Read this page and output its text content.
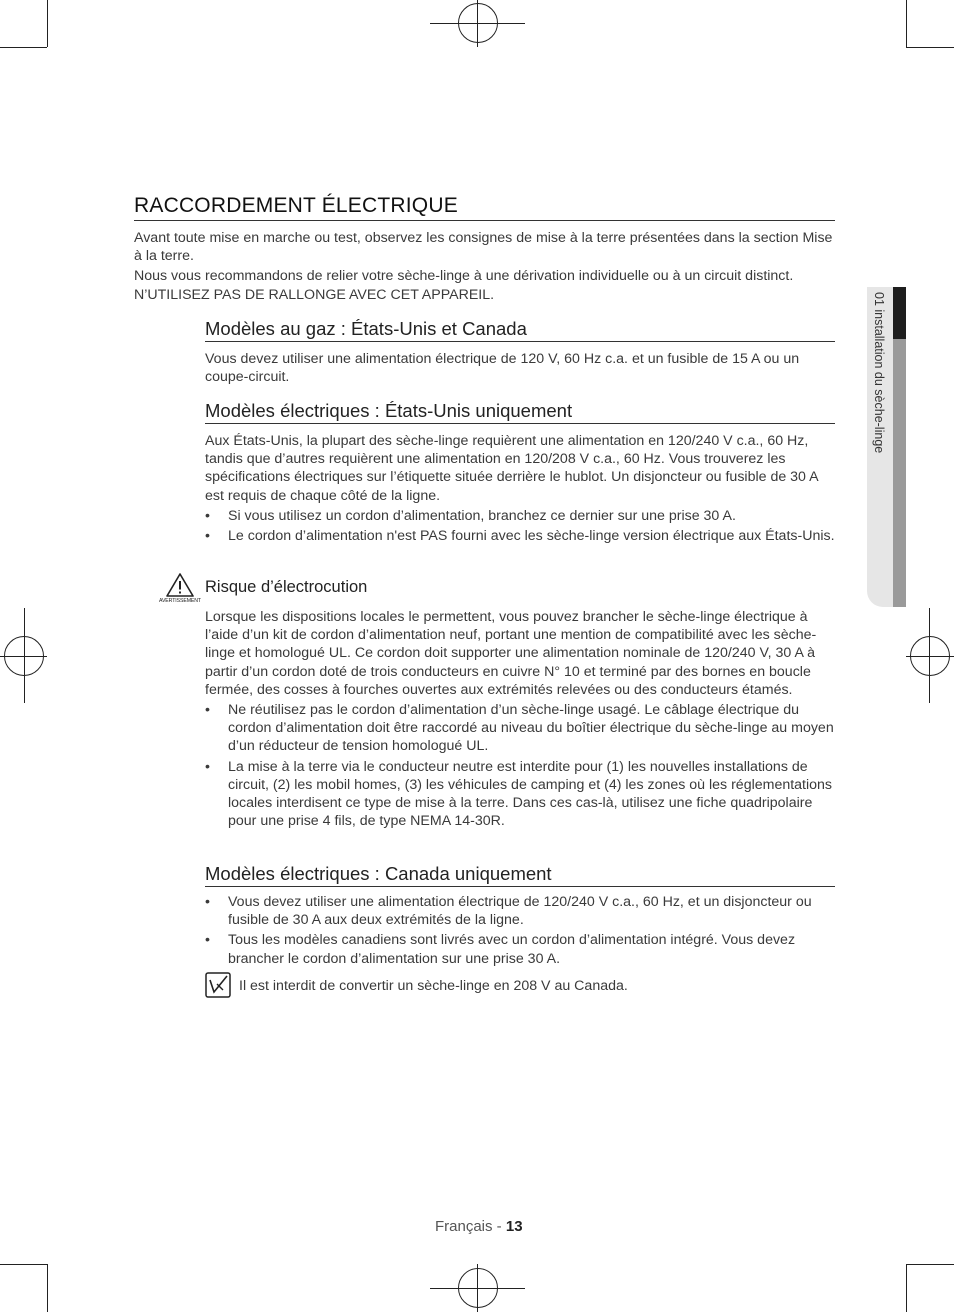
01 installation du sèche-linge
RACCORDEMENT ÉLECTRIQUE

Avant toute mise en marche ou test, observez les consignes de mise à la terre présentées dans la section Mise à la terre.

Nous vous recommandons de relier votre sèche-linge à une dérivation individuelle ou à un circuit distinct. N’UTILISEZ PAS DE RALLONGE AVEC CET APPAREIL.

Modèles au gaz : États-Unis et Canada

Vous devez utiliser une alimentation électrique de 120 V, 60 Hz c.a. et un fusible de 15 A ou un coupe-circuit.

Modèles électriques : États-Unis uniquement

Aux États-Unis, la plupart des sèche-linge requièrent une alimentation en 120/240 V c.a., 60 Hz, tandis que d’autres requièrent une alimentation en 120/208 V c.a., 60 Hz. Vous trouverez les spécifications électriques sur l’étiquette située derrière le hublot. Un disjoncteur ou fusible de 30 A est requis de chaque côté de la ligne.

• Si vous utilisez un cordon d’alimentation, branchez ce dernier sur une prise 30 A.
• Le cordon d’alimentation n'est PAS fourni avec les sèche-linge version électrique aux États-Unis.
AVERTISSEMENT
Risque d’électrocution

Lorsque les dispositions locales le permettent, vous pouvez brancher le sèche-linge électrique à l’aide d’un kit de cordon d’alimentation neuf, portant une mention de compatibilité avec les sèche-linge et homologué UL. Ce cordon doit supporter une alimentation nominale de 120/240 V, 30 A à partir d’un cordon doté de trois conducteurs en cuivre N° 10 et terminé par des bornes en boucle fermée, des cosses à fourches ouvertes aux extrémités relevées ou des conducteurs étamés.

• Ne réutilisez pas le cordon d’alimentation d’un sèche-linge usagé. Le câblage électrique du cordon d’alimentation doit être raccordé au niveau du boîtier électrique du sèche-linge au moyen d’un réducteur de tension homologué UL.
• La mise à la terre via le conducteur neutre est interdite pour (1) les nouvelles installations de circuit, (2) les mobil homes, (3) les véhicules de camping et (4) les zones où les réglementations locales interdisent ce type de mise à la terre. Dans ces cas-là, utilisez une fiche quadripolaire pour une prise 4 fils, de type NEMA 14-30R.
Modèles électriques : Canada uniquement
• Vous devez utiliser une alimentation électrique de 120/240 V c.a., 60 Hz, et un disjoncteur ou fusible de 30 A aux deux extrémités de la ligne.
• Tous les modèles canadiens sont livrés avec un cordon d’alimentation intégré. Vous devez brancher le cordon d’alimentation sur une prise 30 A.
Il est interdit de convertir un sèche-linge en 208 V au Canada.
Français - 13
